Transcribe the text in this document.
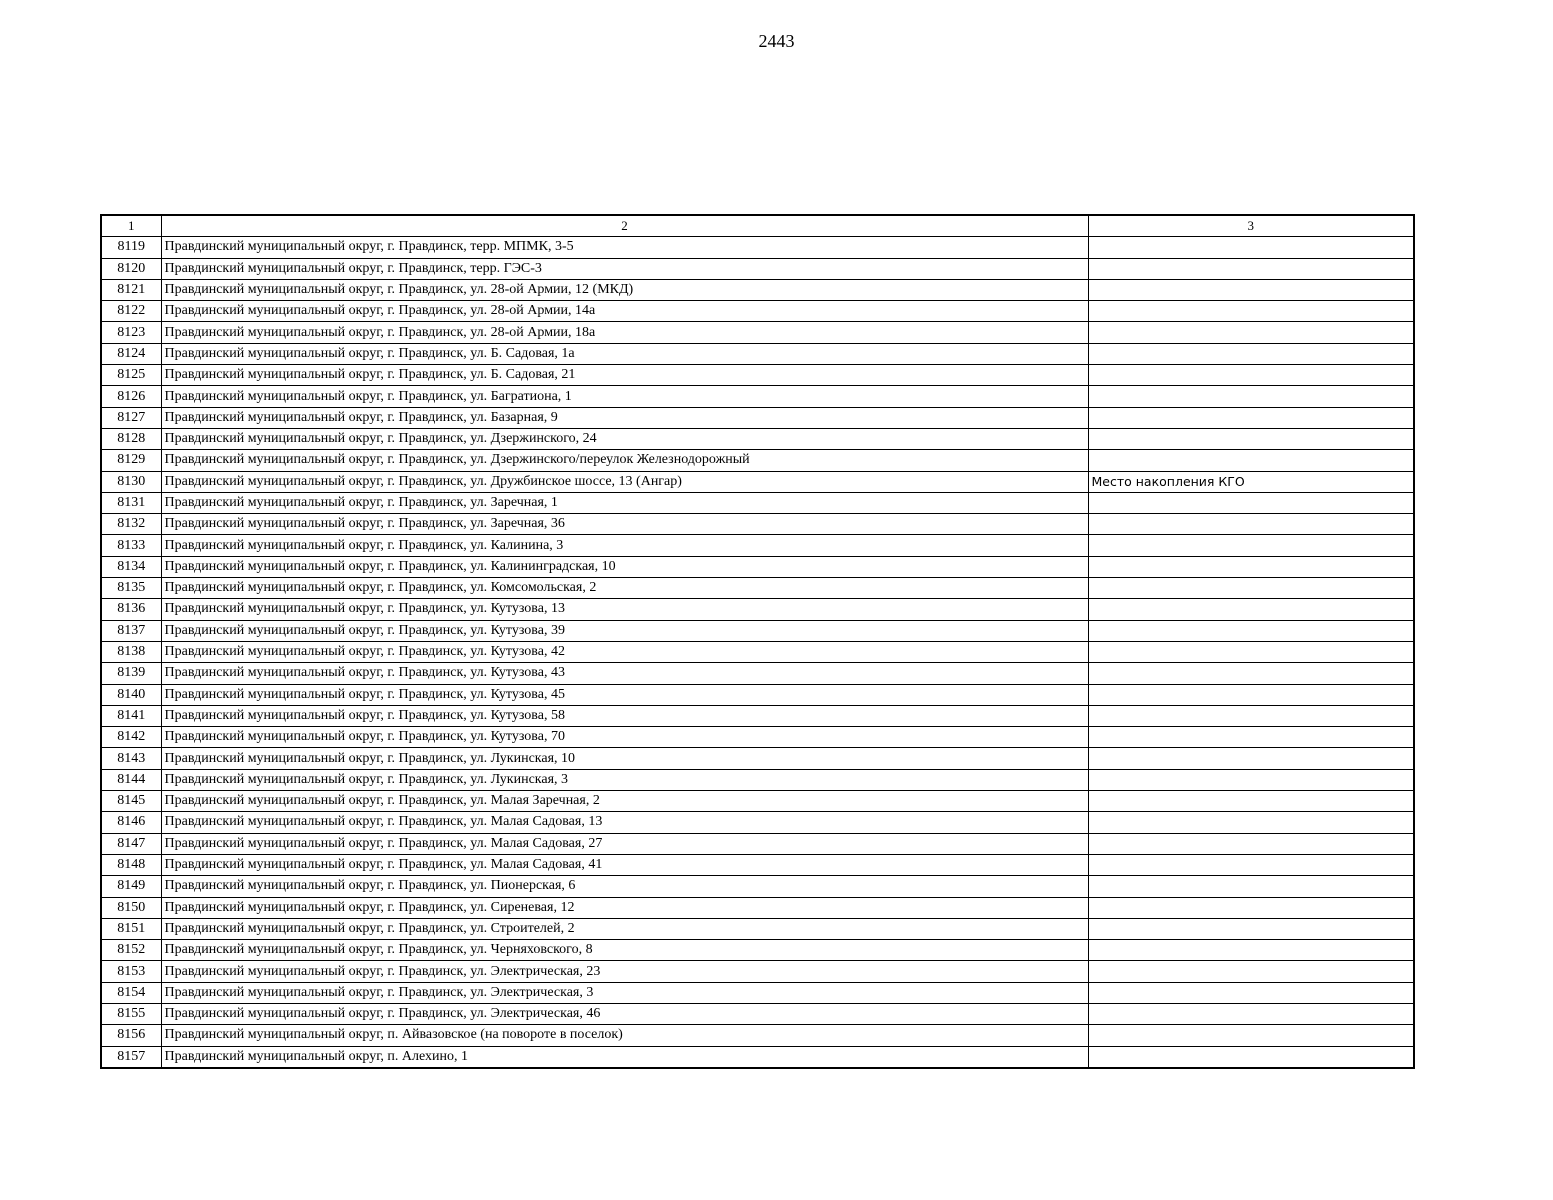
2443
1	2	3
8119	Правдинский муниципальный округ, г. Правдинск, терр. МПМК, 3-5	
8120	Правдинский муниципальный округ, г. Правдинск, терр. ГЭС-3	
8121	Правдинский муниципальный округ, г. Правдинск, ул. 28-ой Армии, 12 (МКД)	
8122	Правдинский муниципальный округ, г. Правдинск, ул. 28-ой Армии, 14а	
8123	Правдинский муниципальный округ, г. Правдинск, ул. 28-ой Армии, 18а	
8124	Правдинский муниципальный округ, г. Правдинск, ул. Б. Садовая, 1а	
8125	Правдинский муниципальный округ, г. Правдинск, ул. Б. Садовая, 21	
8126	Правдинский муниципальный округ, г. Правдинск, ул. Багратиона, 1	
8127	Правдинский муниципальный округ, г. Правдинск, ул. Базарная, 9	
8128	Правдинский муниципальный округ, г. Правдинск, ул. Дзержинского, 24	
8129	Правдинский муниципальный округ, г. Правдинск, ул. Дзержинского/переулок Железнодорожный	
8130	Правдинский муниципальный округ, г. Правдинск, ул. Дружбинское шоссе, 13 (Ангар)	Место накопления КГО
8131	Правдинский муниципальный округ, г. Правдинск, ул. Заречная, 1	
8132	Правдинский муниципальный округ, г. Правдинск, ул. Заречная, 36	
8133	Правдинский муниципальный округ, г. Правдинск, ул. Калинина, 3	
8134	Правдинский муниципальный округ, г. Правдинск, ул. Калининградская, 10	
8135	Правдинский муниципальный округ, г. Правдинск, ул. Комсомольская, 2	
8136	Правдинский муниципальный округ, г. Правдинск, ул. Кутузова, 13	
8137	Правдинский муниципальный округ, г. Правдинск, ул. Кутузова, 39	
8138	Правдинский муниципальный округ, г. Правдинск, ул. Кутузова, 42	
8139	Правдинский муниципальный округ, г. Правдинск, ул. Кутузова, 43	
8140	Правдинский муниципальный округ, г. Правдинск, ул. Кутузова, 45	
8141	Правдинский муниципальный округ, г. Правдинск, ул. Кутузова, 58	
8142	Правдинский муниципальный округ, г. Правдинск, ул. Кутузова, 70	
8143	Правдинский муниципальный округ, г. Правдинск, ул. Лукинская, 10	
8144	Правдинский муниципальный округ, г. Правдинск, ул. Лукинская, 3	
8145	Правдинский муниципальный округ, г. Правдинск, ул. Малая Заречная, 2	
8146	Правдинский муниципальный округ, г. Правдинск, ул. Малая Садовая, 13	
8147	Правдинский муниципальный округ, г. Правдинск, ул. Малая Садовая, 27	
8148	Правдинский муниципальный округ, г. Правдинск, ул. Малая Садовая, 41	
8149	Правдинский муниципальный округ, г. Правдинск, ул. Пионерская, 6	
8150	Правдинский муниципальный округ, г. Правдинск, ул. Сиреневая, 12	
8151	Правдинский муниципальный округ, г. Правдинск, ул. Строителей, 2	
8152	Правдинский муниципальный округ, г. Правдинск, ул. Черняховского, 8	
8153	Правдинский муниципальный округ, г. Правдинск, ул. Электрическая, 23	
8154	Правдинский муниципальный округ, г. Правдинск, ул. Электрическая, 3	
8155	Правдинский муниципальный округ, г. Правдинск, ул. Электрическая, 46	
8156	Правдинский муниципальный округ, п. Айвазовское (на повороте в поселок)	
8157	Правдинский муниципальный округ, п. Алехино, 1	
